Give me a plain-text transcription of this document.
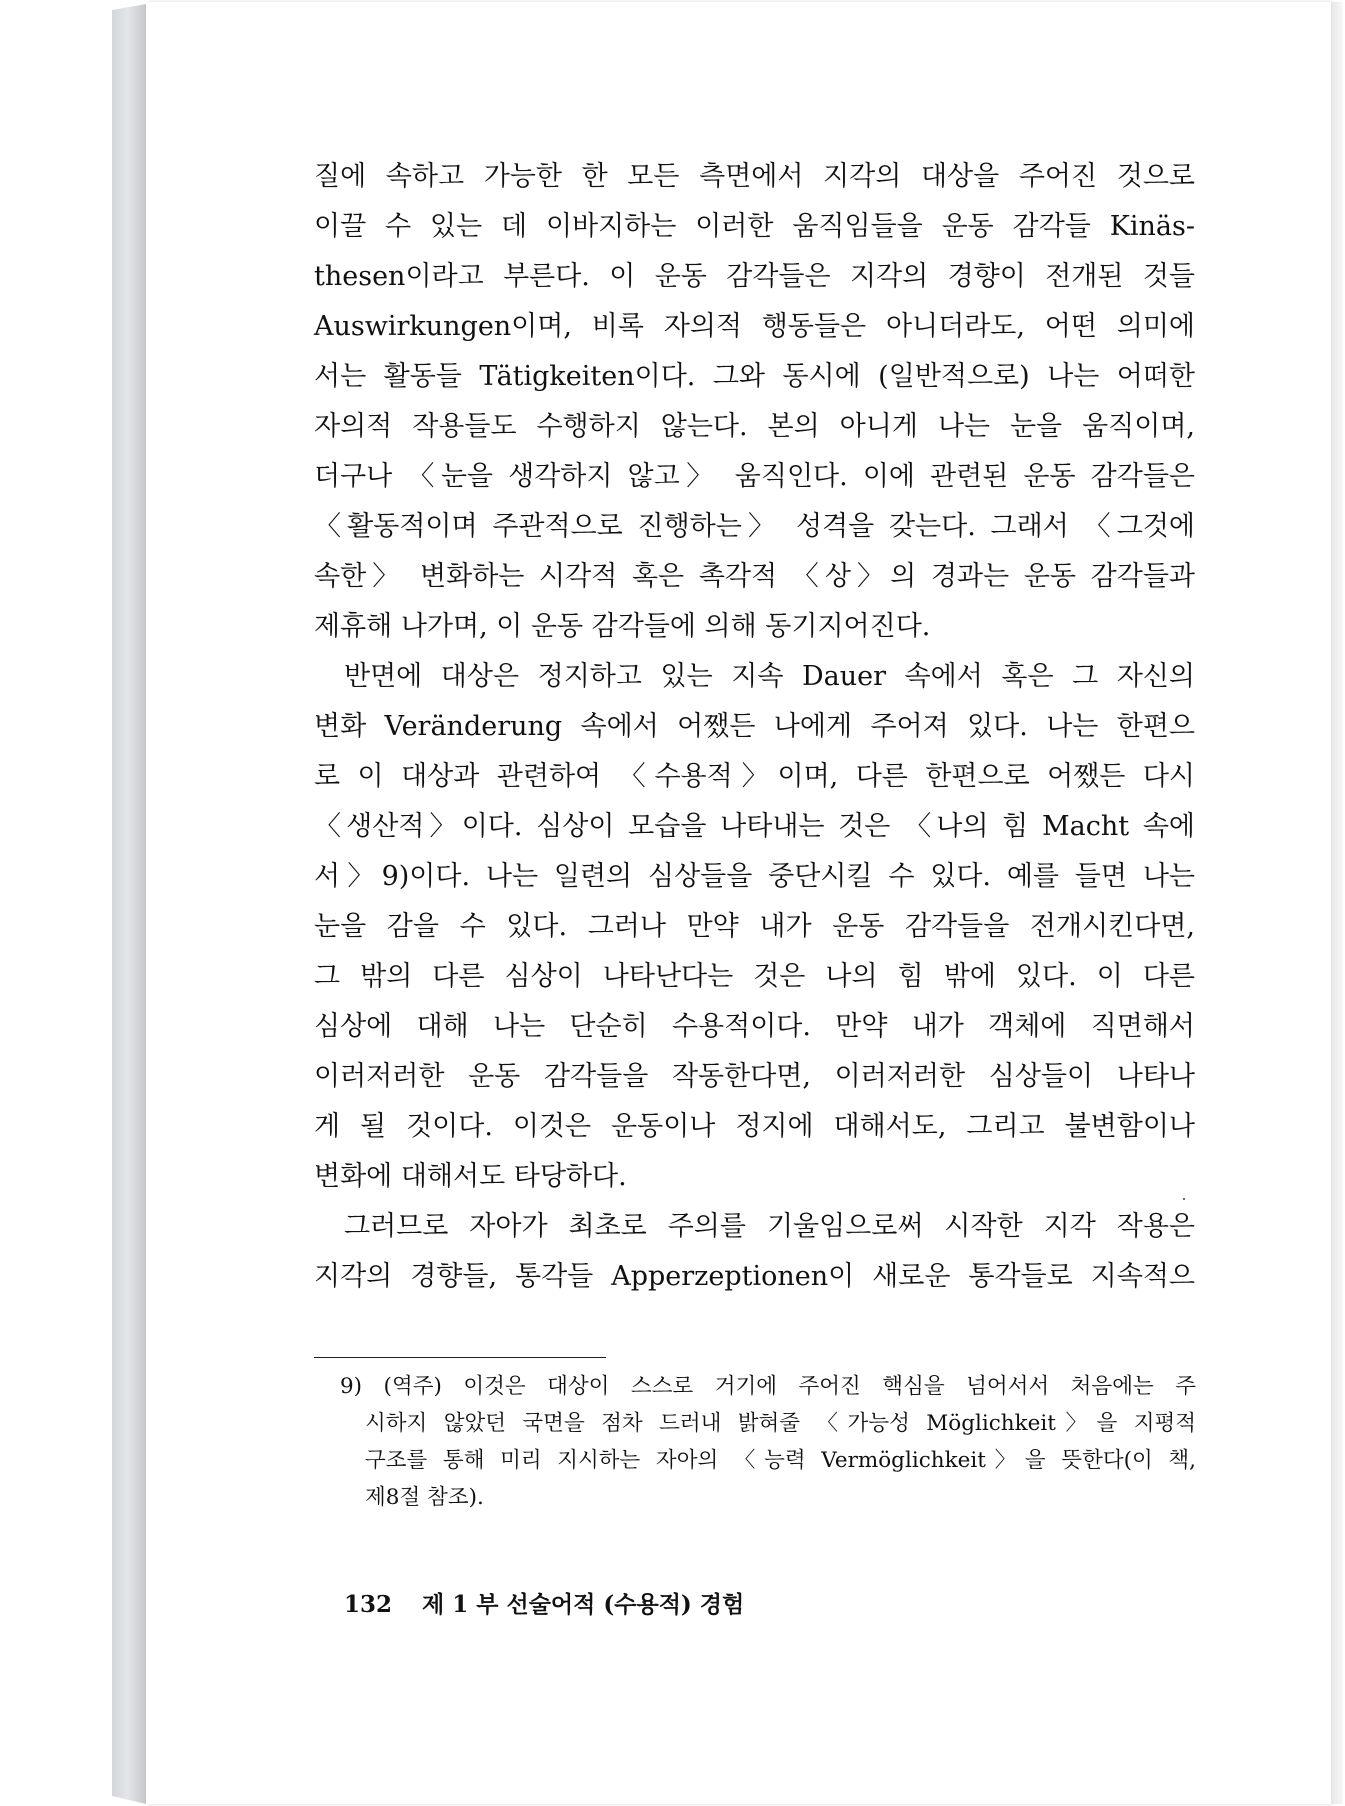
질에 속하고 가능한 한 모든 측면에서 지각의 대상을 주어진 것으로
이끌 수 있는 데 이바지하는 이러한 움직임들을 운동 감각들 Kinäs-
thesen이라고 부른다. 이 운동 감각들은 지각의 경향이 전개된 것들
Auswirkungen이며, 비록 자의적 행동들은 아니더라도, 어떤 의미에
서는 활동들 Tätigkeiten이다. 그와 동시에 (일반적으로) 나는 어떠한
자의적 작용들도 수행하지 않는다. 본의 아니게 나는 눈을 움직이며,
더구나 〈눈을 생각하지 않고〉 움직인다. 이에 관련된 운동 감각들은
〈활동적이며 주관적으로 진행하는〉 성격을 갖는다. 그래서 〈그것에
속한〉 변화하는 시각적 혹은 촉각적 〈상〉의 경과는 운동 감각들과
제휴해 나가며, 이 운동 감각들에 의해 동기지어진다.
반면에 대상은 정지하고 있는 지속 Dauer 속에서 혹은 그 자신의
변화 Veränderung 속에서 어쨌든 나에게 주어져 있다. 나는 한편으
로 이 대상과 관련하여 〈수용적〉이며, 다른 한편으로 어쨌든 다시
〈생산적〉이다. 심상이 모습을 나타내는 것은 〈나의 힘 Macht 속에
서〉9)이다. 나는 일련의 심상들을 중단시킬 수 있다. 예를 들면 나는
눈을 감을 수 있다. 그러나 만약 내가 운동 감각들을 전개시킨다면,
그 밖의 다른 심상이 나타난다는 것은 나의 힘 밖에 있다. 이 다른
심상에 대해 나는 단순히 수용적이다. 만약 내가 객체에 직면해서
이러저러한 운동 감각들을 작동한다면, 이러저러한 심상들이 나타나
게 될 것이다. 이것은 운동이나 정지에 대해서도, 그리고 불변함이나
변화에 대해서도 타당하다.
그러므로 자아가 최초로 주의를 기울임으로써 시작한 지각 작용은
지각의 경향들, 통각들 Apperzeptionen이 새로운 통각들로 지속적으
9) (역주) 이것은 대상이 스스로 거기에 주어진 핵심을 넘어서서 처음에는 주
시하지 않았던 국면을 점차 드러내 밝혀줄 〈가능성 Möglichkeit〉을 지평적
구조를 통해 미리 지시하는 자아의 〈능력 Vermöglichkeit〉을 뜻한다(이 책,
제8절 참조).
132 제 1 부 선술어적 (수용적) 경험
